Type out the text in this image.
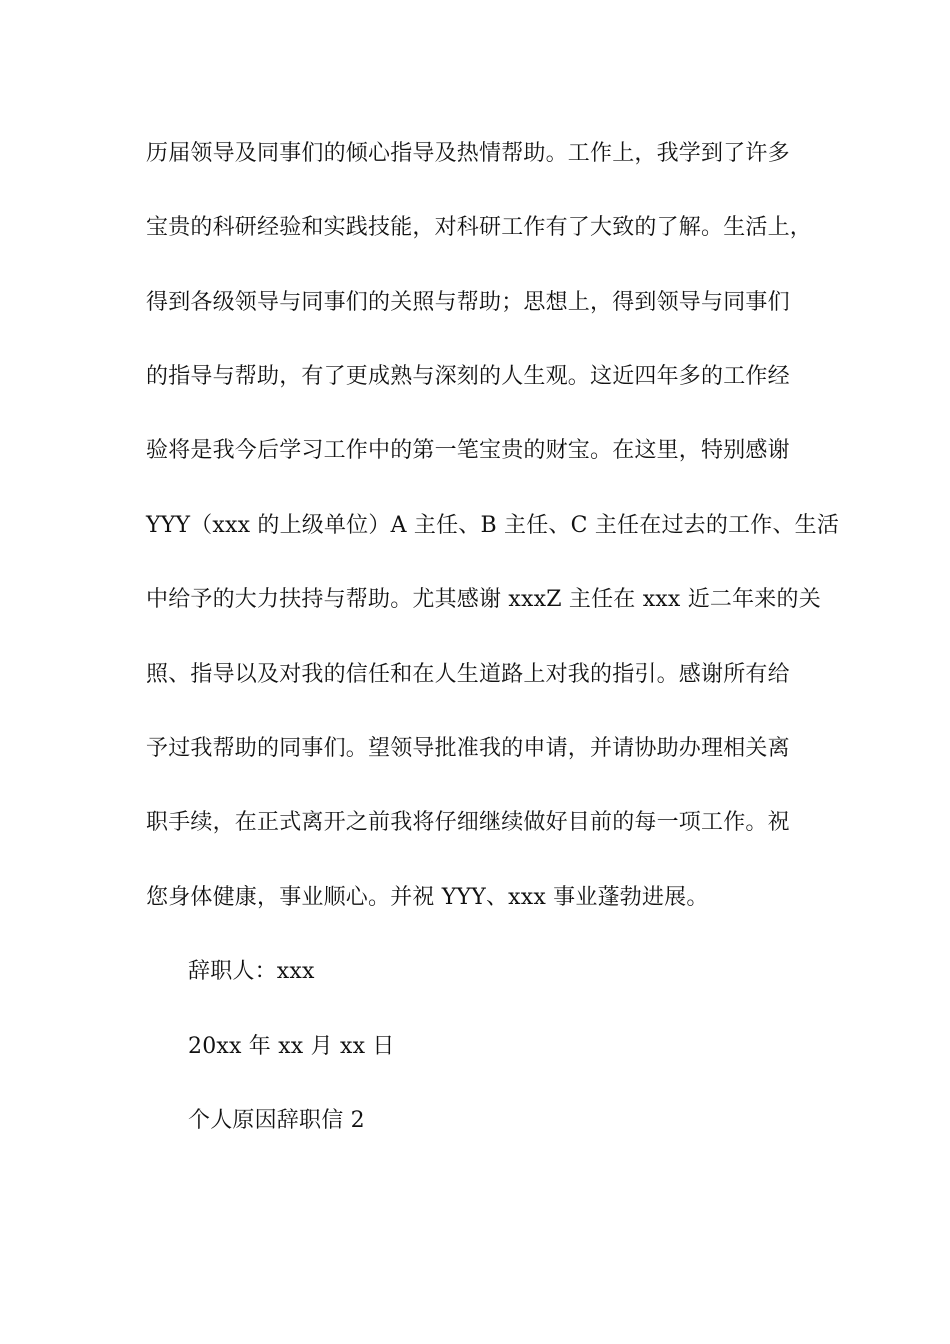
历届领导及同事们的倾心指导及热情帮助。工作上，我学到了许多
宝贵的科研经验和实践技能，对科研工作有了大致的了解。生活上，
得到各级领导与同事们的关照与帮助；思想上，得到领导与同事们
的指导与帮助，有了更成熟与深刻的人生观。这近四年多的工作经
验将是我今后学习工作中的第一笔宝贵的财宝。在这里，特别感谢
YYY（xxx 的上级单位）A 主任、B 主任、C 主任在过去的工作、生活
中给予的大力扶持与帮助。尤其感谢 xxxZ 主任在 xxx 近二年来的关
照、指导以及对我的信任和在人生道路上对我的指引。感谢所有给
予过我帮助的同事们。望领导批准我的申请，并请协助办理相关离
职手续，在正式离开之前我将仔细继续做好目前的每一项工作。祝
您身体健康，事业顺心。并祝 YYY、xxx 事业蓬勃进展。
辞职人：xxx
20xx 年 xx 月 xx 日
个人原因辞职信 2
